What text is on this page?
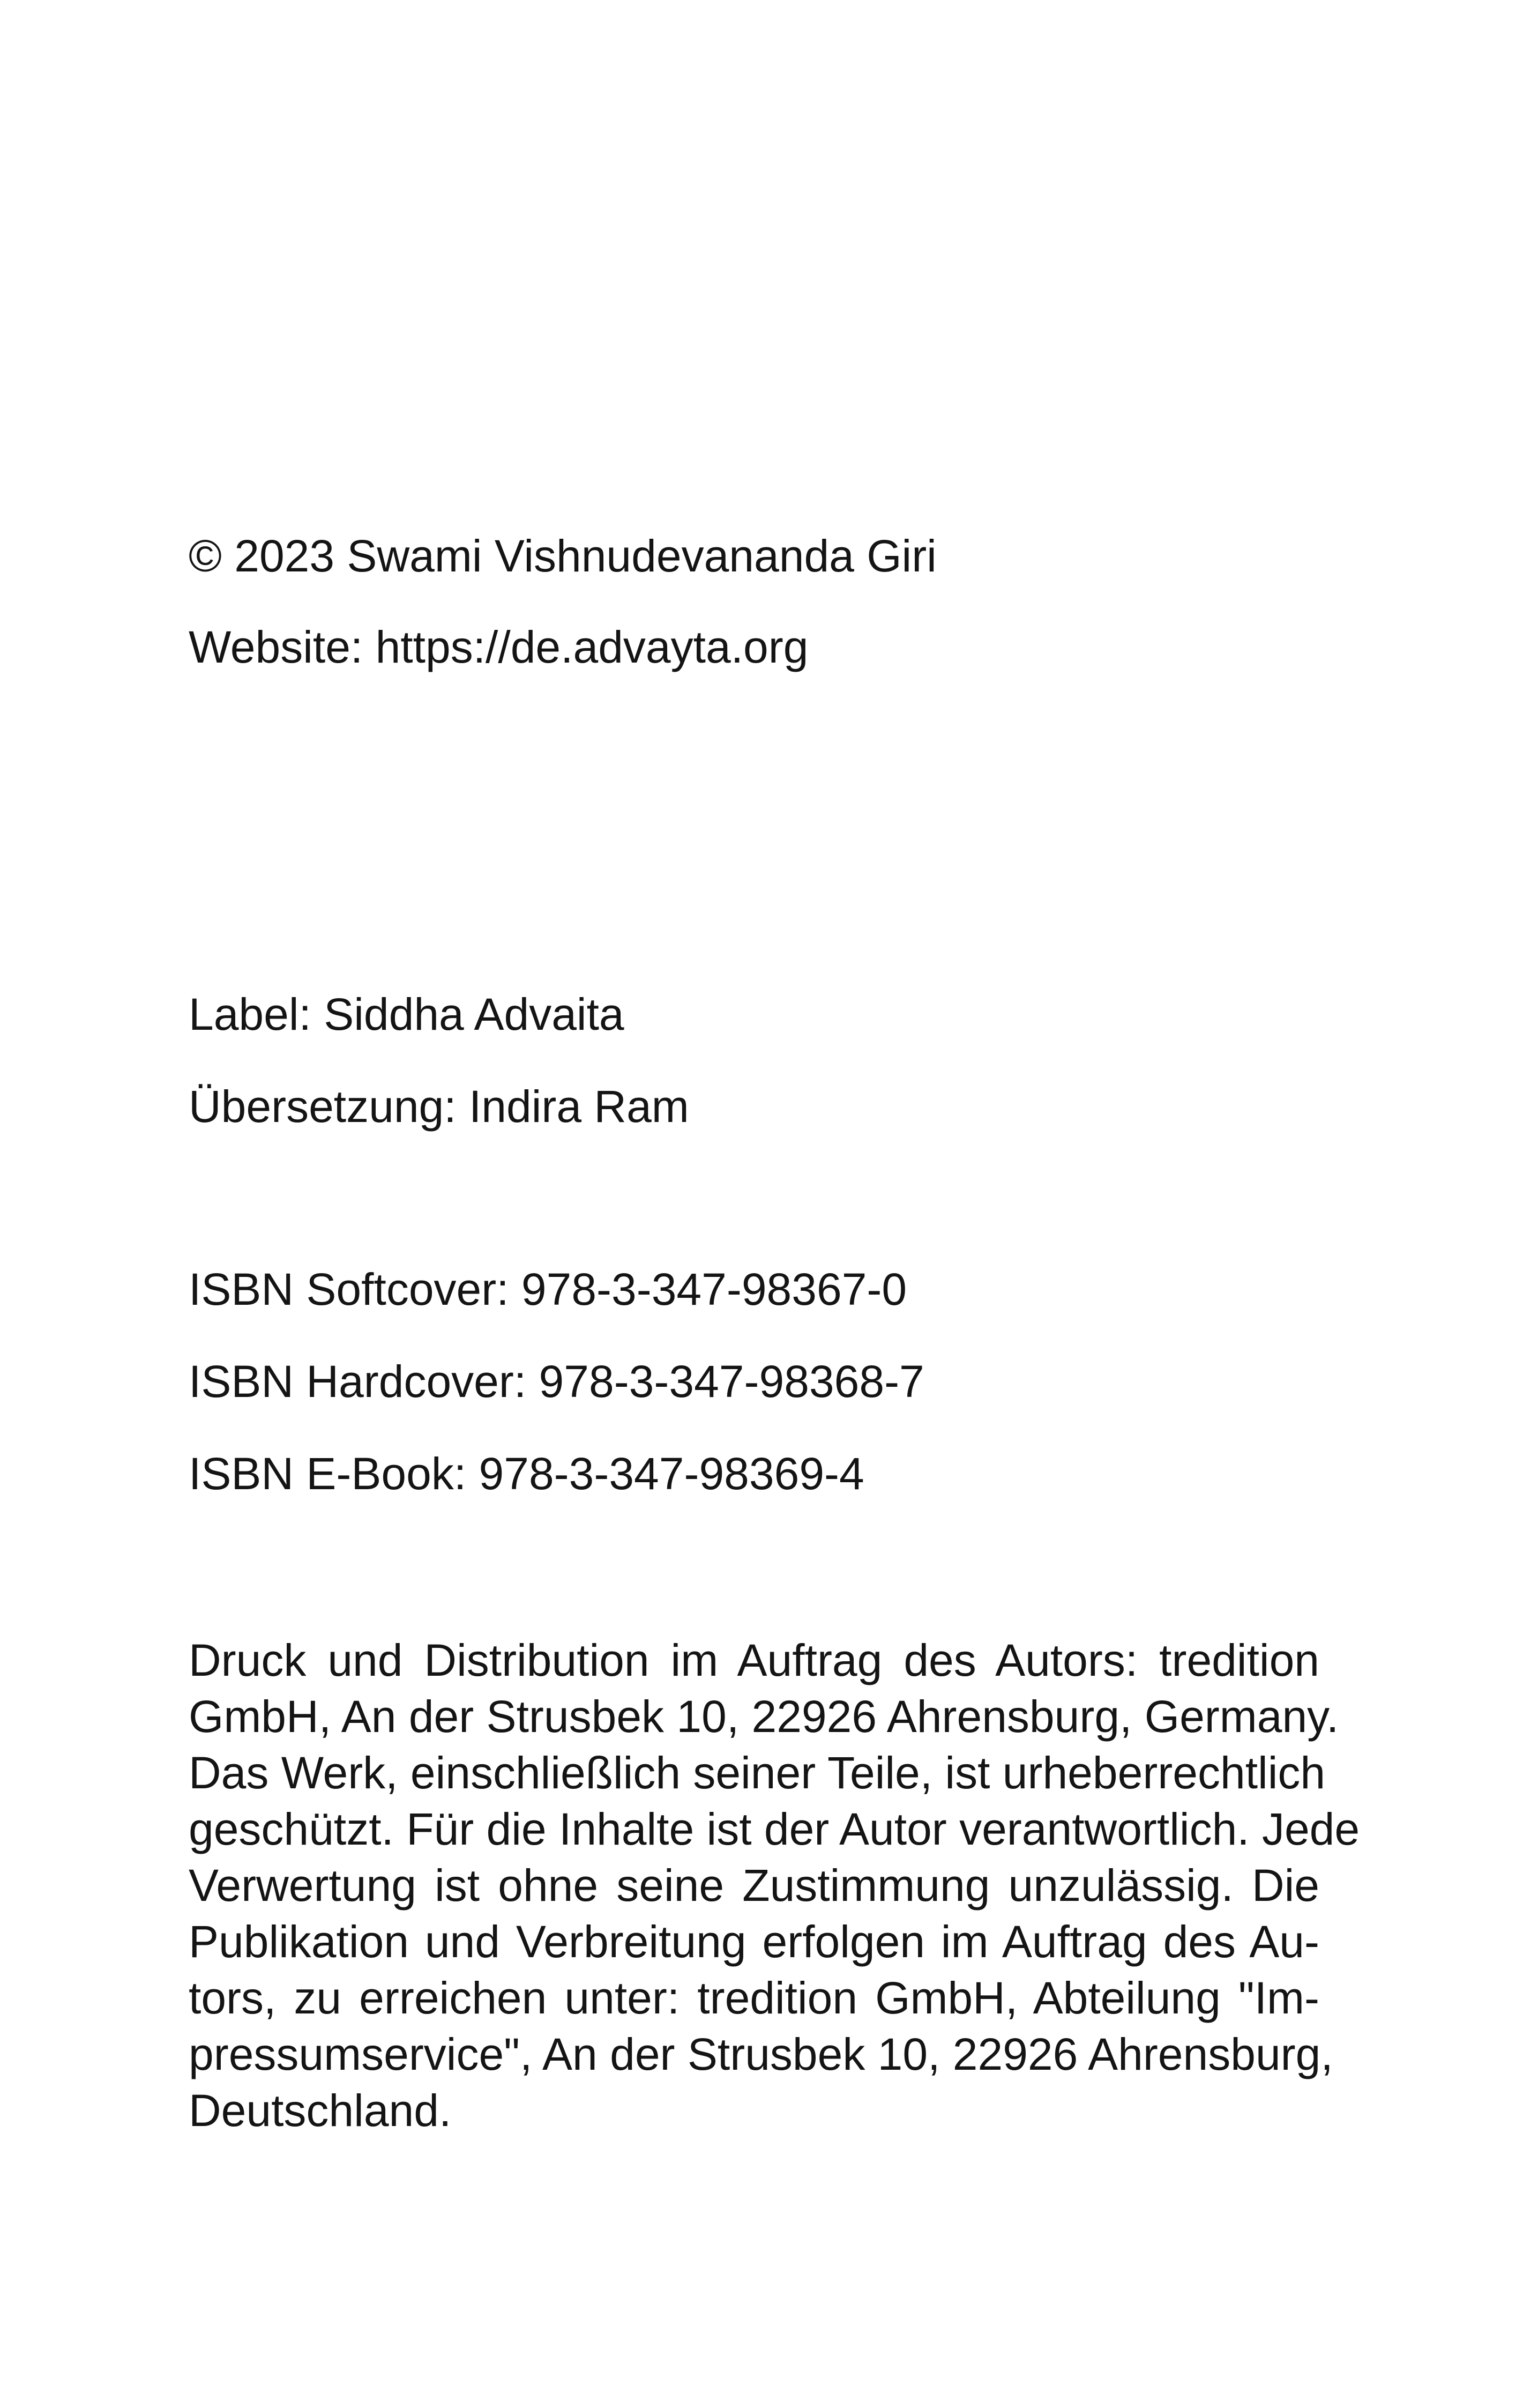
© 2023 Swami Vishnudevananda Giri

Website: https://de.advayta.org

Label: Siddha Advaita

Übersetzung: Indira Ram

ISBN Softcover: 978-3-347-98367-0

ISBN Hardcover: 978-3-347-98368-7

ISBN E-Book: 978-3-347-98369-4

Druck und Distribution im Auftrag des Autors: tredition
GmbH, An der Strusbek 10, 22926 Ahrensburg, Germany.
Das Werk, einschließlich seiner Teile, ist urheberrechtlich
geschützt. Für die Inhalte ist der Autor verantwortlich. Jede
Verwertung ist ohne seine Zustimmung unzulässig. Die
Publikation und Verbreitung erfolgen im Auftrag des Au-
tors, zu erreichen unter: tredition GmbH, Abteilung "Im-
pressumservice", An der Strusbek 10, 22926 Ahrensburg,
Deutschland.
